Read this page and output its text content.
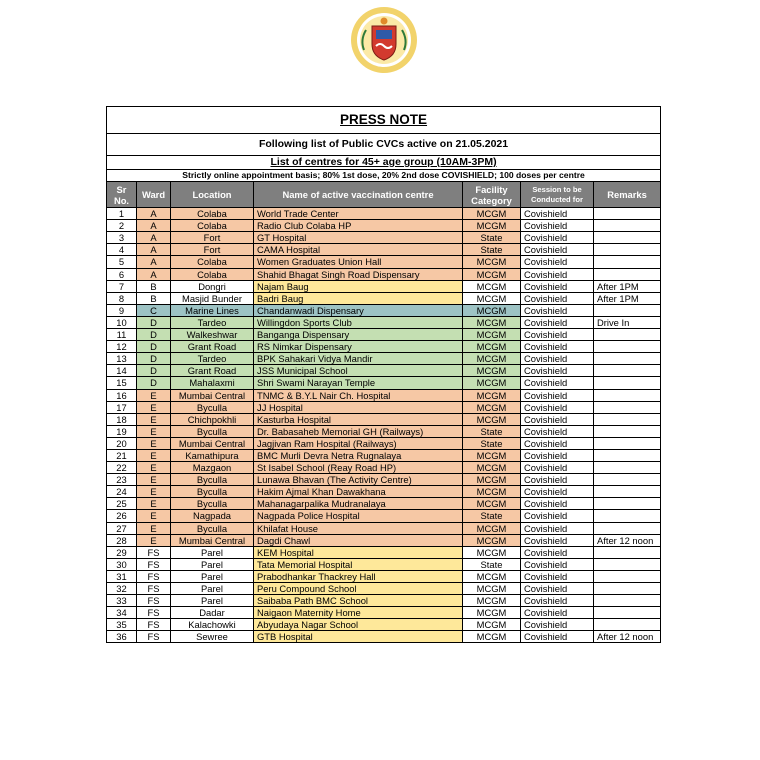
PRESS NOTE						
Following list of Public CVCs active on 21.05.2021						
List of centres for 45+ age group (10AM-3PM)						
Strictly online appointment basis; 80% 1st dose, 20% 2nd dose COVISHIELD; 100 doses per centre						
Sr No.	Ward	Location	Name of active vaccination centre	Facility Category	Session to be Conducted for	Remarks
1	A	Colaba	World Trade Center	MCGM	Covishield	
2	A	Colaba	Radio Club Colaba HP	MCGM	Covishield	
3	A	Fort	GT Hospital	State	Covishield	
4	A	Fort	CAMA Hospital	State	Covishield	
5	A	Colaba	Women Graduates Union Hall	MCGM	Covishield	
6	A	Colaba	Shahid Bhagat Singh Road Dispensary	MCGM	Covishield	
7	B	Dongri	Najam Baug	MCGM	Covishield	After 1PM
8	B	Masjid Bunder	Badri Baug	MCGM	Covishield	After 1PM
9	C	Marine Lines	Chandanwadi Dispensary	MCGM	Covishield	
10	D	Tardeo	Willingdon Sports Club	MCGM	Covishield	Drive In
11	D	Walkeshwar	Banganga Dispensary	MCGM	Covishield	
12	D	Grant Road	RS Nimkar Dispensary	MCGM	Covishield	
13	D	Tardeo	BPK Sahakari Vidya Mandir	MCGM	Covishield	
14	D	Grant Road	JSS Municipal School	MCGM	Covishield	
15	D	Mahalaxmi	Shri Swami Narayan Temple	MCGM	Covishield	
16	E	Mumbai Central	TNMC & B.Y.L Nair Ch. Hospital	MCGM	Covishield	
17	E	Byculla	JJ Hospital	MCGM	Covishield	
18	E	Chichpokhli	Kasturba Hospital	MCGM	Covishield	
19	E	Byculla	Dr. Babasaheb Memorial GH (Railways)	State	Covishield	
20	E	Mumbai Central	Jagjivan Ram Hospital (Railways)	State	Covishield	
21	E	Kamathipura	BMC Murli Devra Netra Rugnalaya	MCGM	Covishield	
22	E	Mazgaon	St Isabel School (Reay Road HP)	MCGM	Covishield	
23	E	Byculla	Lunawa Bhavan (The Activity Centre)	MCGM	Covishield	
24	E	Byculla	Hakim Ajmal Khan Dawakhana	MCGM	Covishield	
25	E	Byculla	Mahanagarpalika Mudranalaya	MCGM	Covishield	
26	E	Nagpada	Nagpada Police Hospital	State	Covishield	
27	E	Byculla	Khilafat House	MCGM	Covishield	
28	E	Mumbai Central	Dagdi Chawl	MCGM	Covishield	After 12 noon
29	FS	Parel	KEM Hospital	MCGM	Covishield	
30	FS	Parel	Tata Memorial Hospital	State	Covishield	
31	FS	Parel	Prabodhankar Thackrey Hall	MCGM	Covishield	
32	FS	Parel	Peru Compound School	MCGM	Covishield	
33	FS	Parel	Saibaba Path BMC School	MCGM	Covishield	
34	FS	Dadar	Naigaon Maternity Home	MCGM	Covishield	
35	FS	Kalachowki	Abyudaya Nagar School	MCGM	Covishield	
36	FS	Sewree	GTB Hospital	MCGM	Covishield	After 12 noon
